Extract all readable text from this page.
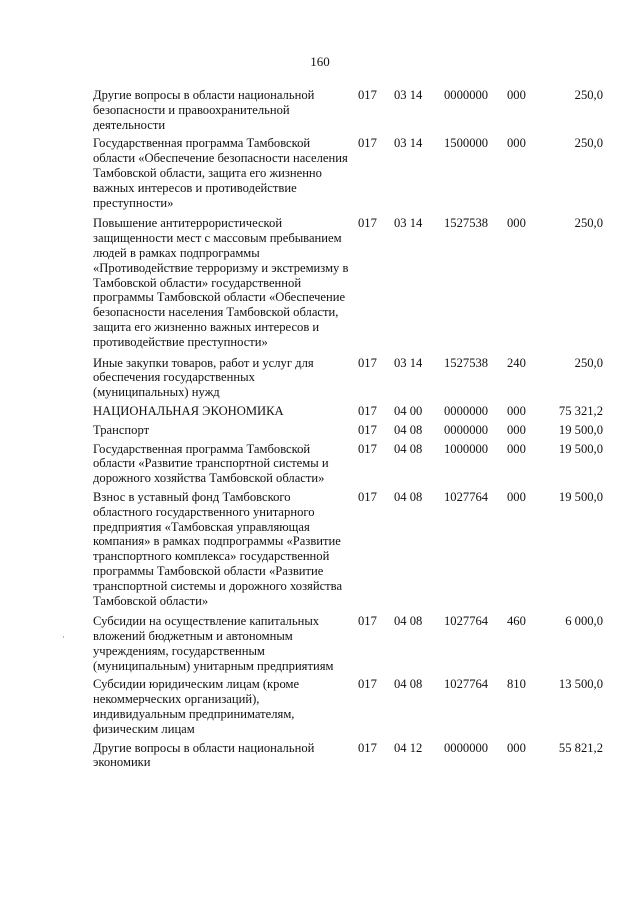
160
Другие вопросы в области национальной безопасности и правоохранительной деятельности
017	03 14	0000000	000	250,0
Государственная программа Тамбовской области «Обеспечение безопасности населения Тамбовской области, защита его жизненно важных интересов и противодействие преступности»
017	03 14	1500000	000	250,0
Повышение антитеррористической защищенности мест с массовым пребыванием людей в рамках подпрограммы «Противодействие терроризму и экстремизму в Тамбовской области» государственной программы Тамбовской области «Обеспечение безопасности населения Тамбовской области, защита его жизненно важных интересов и противодействие преступности»
017	03 14	1527538	000	250,0
Иные закупки товаров, работ и услуг для обеспечения государственных (муниципальных) нужд
017	03 14	1527538	240	250,0
НАЦИОНАЛЬНАЯ ЭКОНОМИКА	017	04 00	0000000	000	75 321,2
Транспорт	017	04 08	0000000	000	19 500,0
Государственная программа Тамбовской области «Развитие транспортной системы и дорожного хозяйства Тамбовской области»
017	04 08	1000000	000	19 500,0
Взнос в уставный фонд Тамбовского областного государственного унитарного предприятия «Тамбовская управляющая компания» в рамках подпрограммы «Развитие транспортного комплекса» государственной программы Тамбовской области «Развитие транспортной системы и дорожного хозяйства Тамбовской области»
017	04 08	1027764	000	19 500,0
Субсидии на осуществление капитальных вложений бюджетным и автономным учреждениям, государственным (муниципальным) унитарным предприятиям
017	04 08	1027764	460	6 000,0
Субсидии юридическим лицам (кроме некоммерческих организаций), индивидуальным предпринимателям, физическим лицам
017	04 08	1027764	810	13 500,0
Другие вопросы в области национальной экономики
017	04 12	0000000	000	55 821,2
·
